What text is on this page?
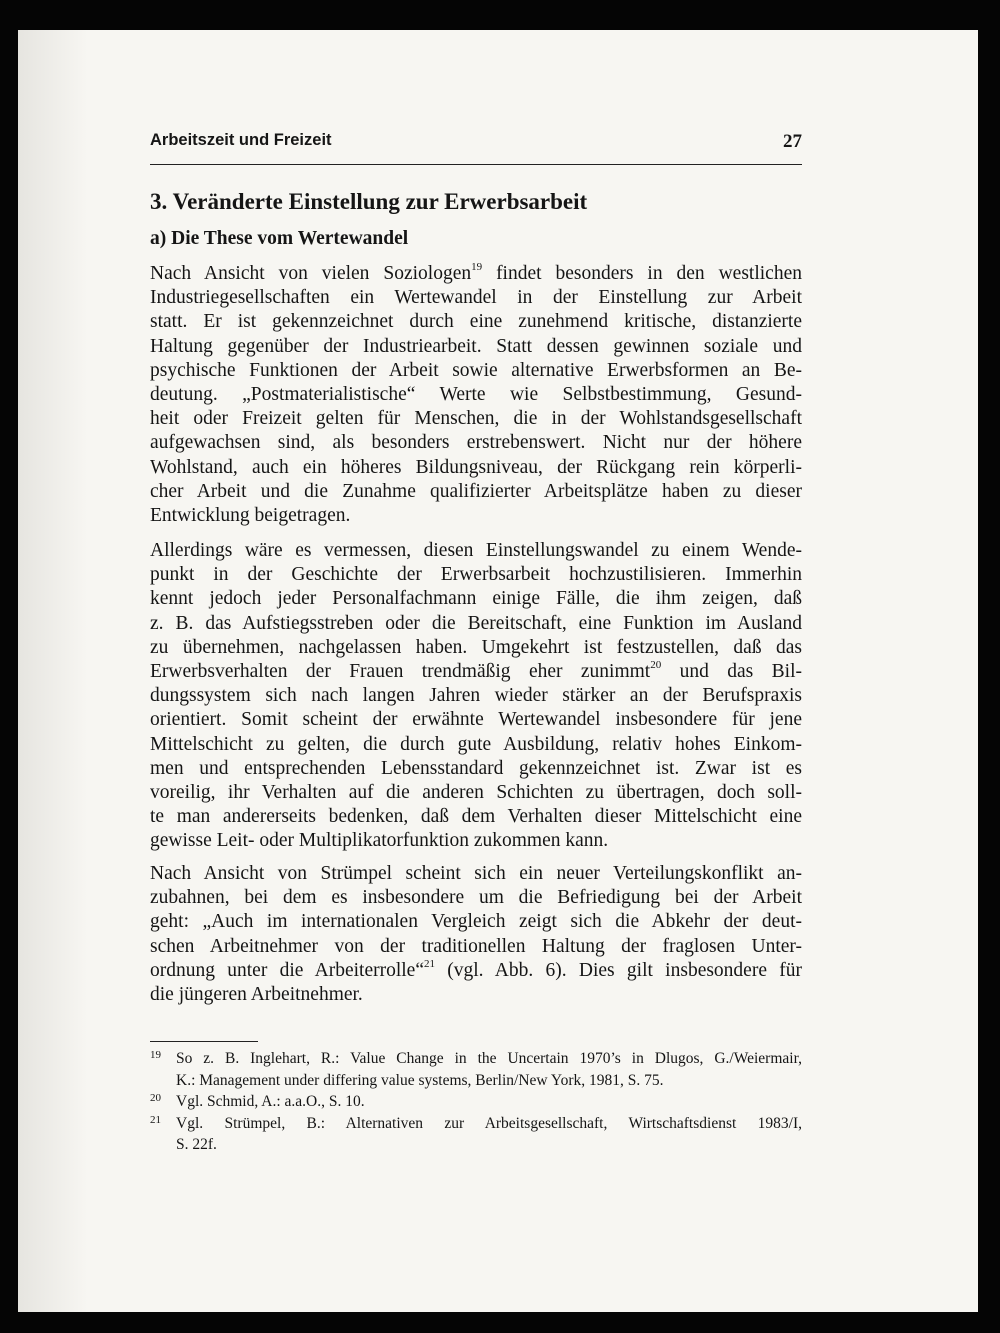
Arbeitszeit und Freizeit	27
3. Veränderte Einstellung zur Erwerbsarbeit
a) Die These vom Wertewandel
Nach Ansicht von vielen Soziologen$^{19}$ findet besonders in den westlichen
Industriegesellschaften ein Wertewandel in der Einstellung zur Arbeit
statt. Er ist gekennzeichnet durch eine zunehmend kritische, distanzierte
Haltung gegenüber der Industriearbeit. Statt dessen gewinnen soziale und
psychische Funktionen der Arbeit sowie alternative Erwerbsformen an Be-
deutung. „Postmaterialistische“ Werte wie Selbstbestimmung, Gesund-
heit oder Freizeit gelten für Menschen, die in der Wohlstandsgesellschaft
aufgewachsen sind, als besonders erstrebenswert. Nicht nur der höhere
Wohlstand, auch ein höheres Bildungsniveau, der Rückgang rein körperli-
cher Arbeit und die Zunahme qualifizierter Arbeitsplätze haben zu dieser
Entwicklung beigetragen.
Allerdings wäre es vermessen, diesen Einstellungswandel zu einem Wende-
punkt in der Geschichte der Erwerbsarbeit hochzustilisieren. Immerhin
kennt jedoch jeder Personalfachmann einige Fälle, die ihm zeigen, daß
z. B. das Aufstiegsstreben oder die Bereitschaft, eine Funktion im Ausland
zu übernehmen, nachgelassen haben. Umgekehrt ist festzustellen, daß das
Erwerbsverhalten der Frauen trendmäßig eher zunimmt$^{20}$ und das Bil-
dungssystem sich nach langen Jahren wieder stärker an der Berufspraxis
orientiert. Somit scheint der erwähnte Wertewandel insbesondere für jene
Mittelschicht zu gelten, die durch gute Ausbildung, relativ hohes Einkom-
men und entsprechenden Lebensstandard gekennzeichnet ist. Zwar ist es
voreilig, ihr Verhalten auf die anderen Schichten zu übertragen, doch soll-
te man andererseits bedenken, daß dem Verhalten dieser Mittelschicht eine
gewisse Leit- oder Multiplikatorfunktion zukommen kann.
Nach Ansicht von Strümpel scheint sich ein neuer Verteilungskonflikt an-
zubahnen, bei dem es insbesondere um die Befriedigung bei der Arbeit
geht: „Auch im internationalen Vergleich zeigt sich die Abkehr der deut-
schen Arbeitnehmer von der traditionellen Haltung der fraglosen Unter-
ordnung unter die Arbeiterrolle“$^{21}$ (vgl. Abb. 6). Dies gilt insbesondere für
die jüngeren Arbeitnehmer.
19 So z. B. Inglehart, R.: Value Change in the Uncertain 1970’s in Dlugos, G./Weiermair,
K.: Management under differing value systems, Berlin/New York, 1981, S. 75.
20 Vgl. Schmid, A.: a.a.O., S. 10.
21 Vgl. Strümpel, B.: Alternativen zur Arbeitsgesellschaft, Wirtschaftsdienst 1983/I,
S. 22f.
